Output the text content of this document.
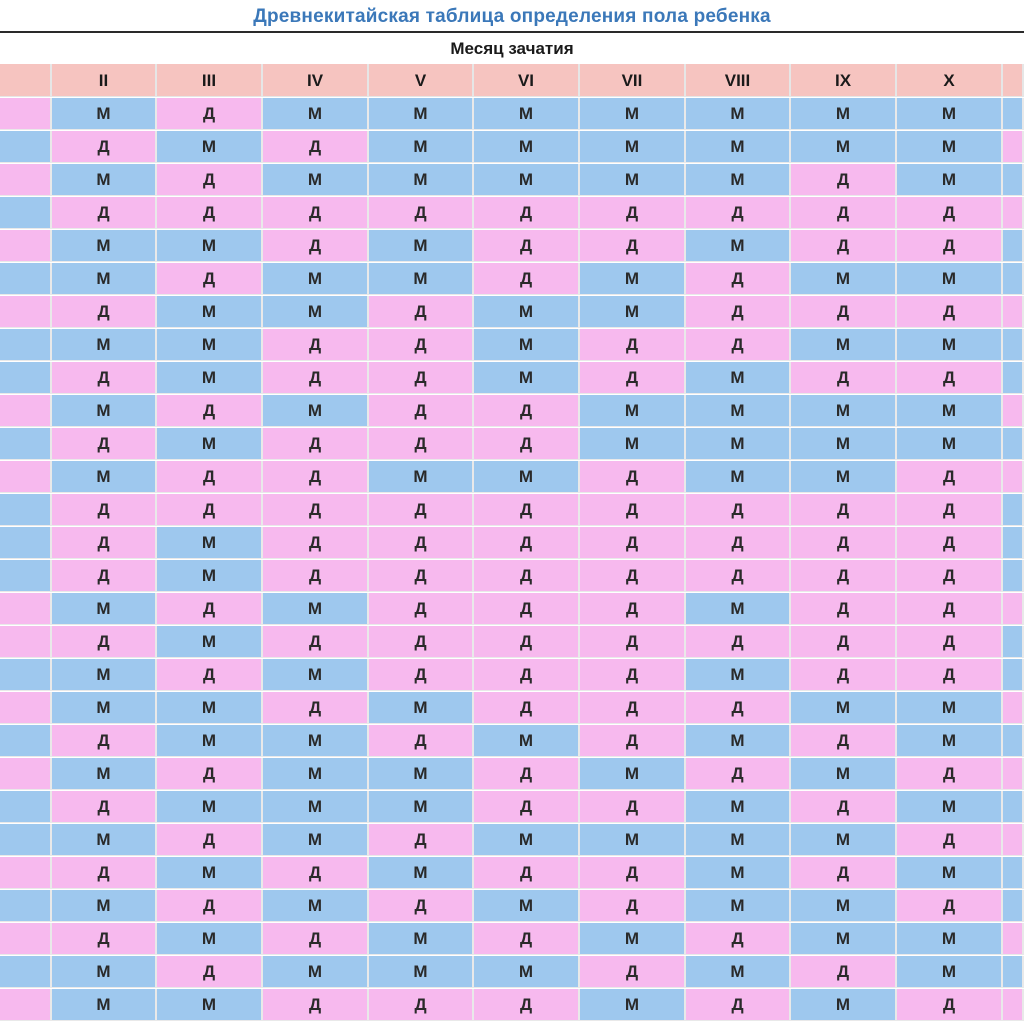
Древнекитайская таблица определения пола ребенка
Месяц зачатия
II	III	IV	V	VI	VII	VIII	IX	X
М	Д	М	М	М	М	М	М	М
Д	М	Д	М	М	М	М	М	М
М	Д	М	М	М	М	М	Д	М
Д	Д	Д	Д	Д	Д	Д	Д	Д
М	М	Д	М	Д	Д	М	Д	Д
М	Д	М	М	Д	М	Д	М	М
Д	М	М	Д	М	М	Д	Д	Д
М	М	Д	Д	М	Д	Д	М	М
Д	М	Д	Д	М	Д	М	Д	Д
М	Д	М	Д	Д	М	М	М	М
Д	М	Д	Д	Д	М	М	М	М
М	Д	Д	М	М	Д	М	М	Д
Д	Д	Д	Д	Д	Д	Д	Д	Д
Д	М	Д	Д	Д	Д	Д	Д	Д
Д	М	Д	Д	Д	Д	Д	Д	Д
М	Д	М	Д	Д	Д	М	Д	Д
Д	М	Д	Д	Д	Д	Д	Д	Д
М	Д	М	Д	Д	Д	М	Д	Д
М	М	Д	М	Д	Д	Д	М	М
Д	М	М	Д	М	Д	М	Д	М
М	Д	М	М	Д	М	Д	М	Д
Д	М	М	М	Д	Д	М	Д	М
М	Д	М	Д	М	М	М	М	Д
Д	М	Д	М	Д	Д	М	Д	М
М	Д	М	Д	М	Д	М	М	Д
Д	М	Д	М	Д	М	Д	М	М
М	Д	М	М	М	Д	М	Д	М
М	М	Д	Д	Д	М	Д	М	Д
